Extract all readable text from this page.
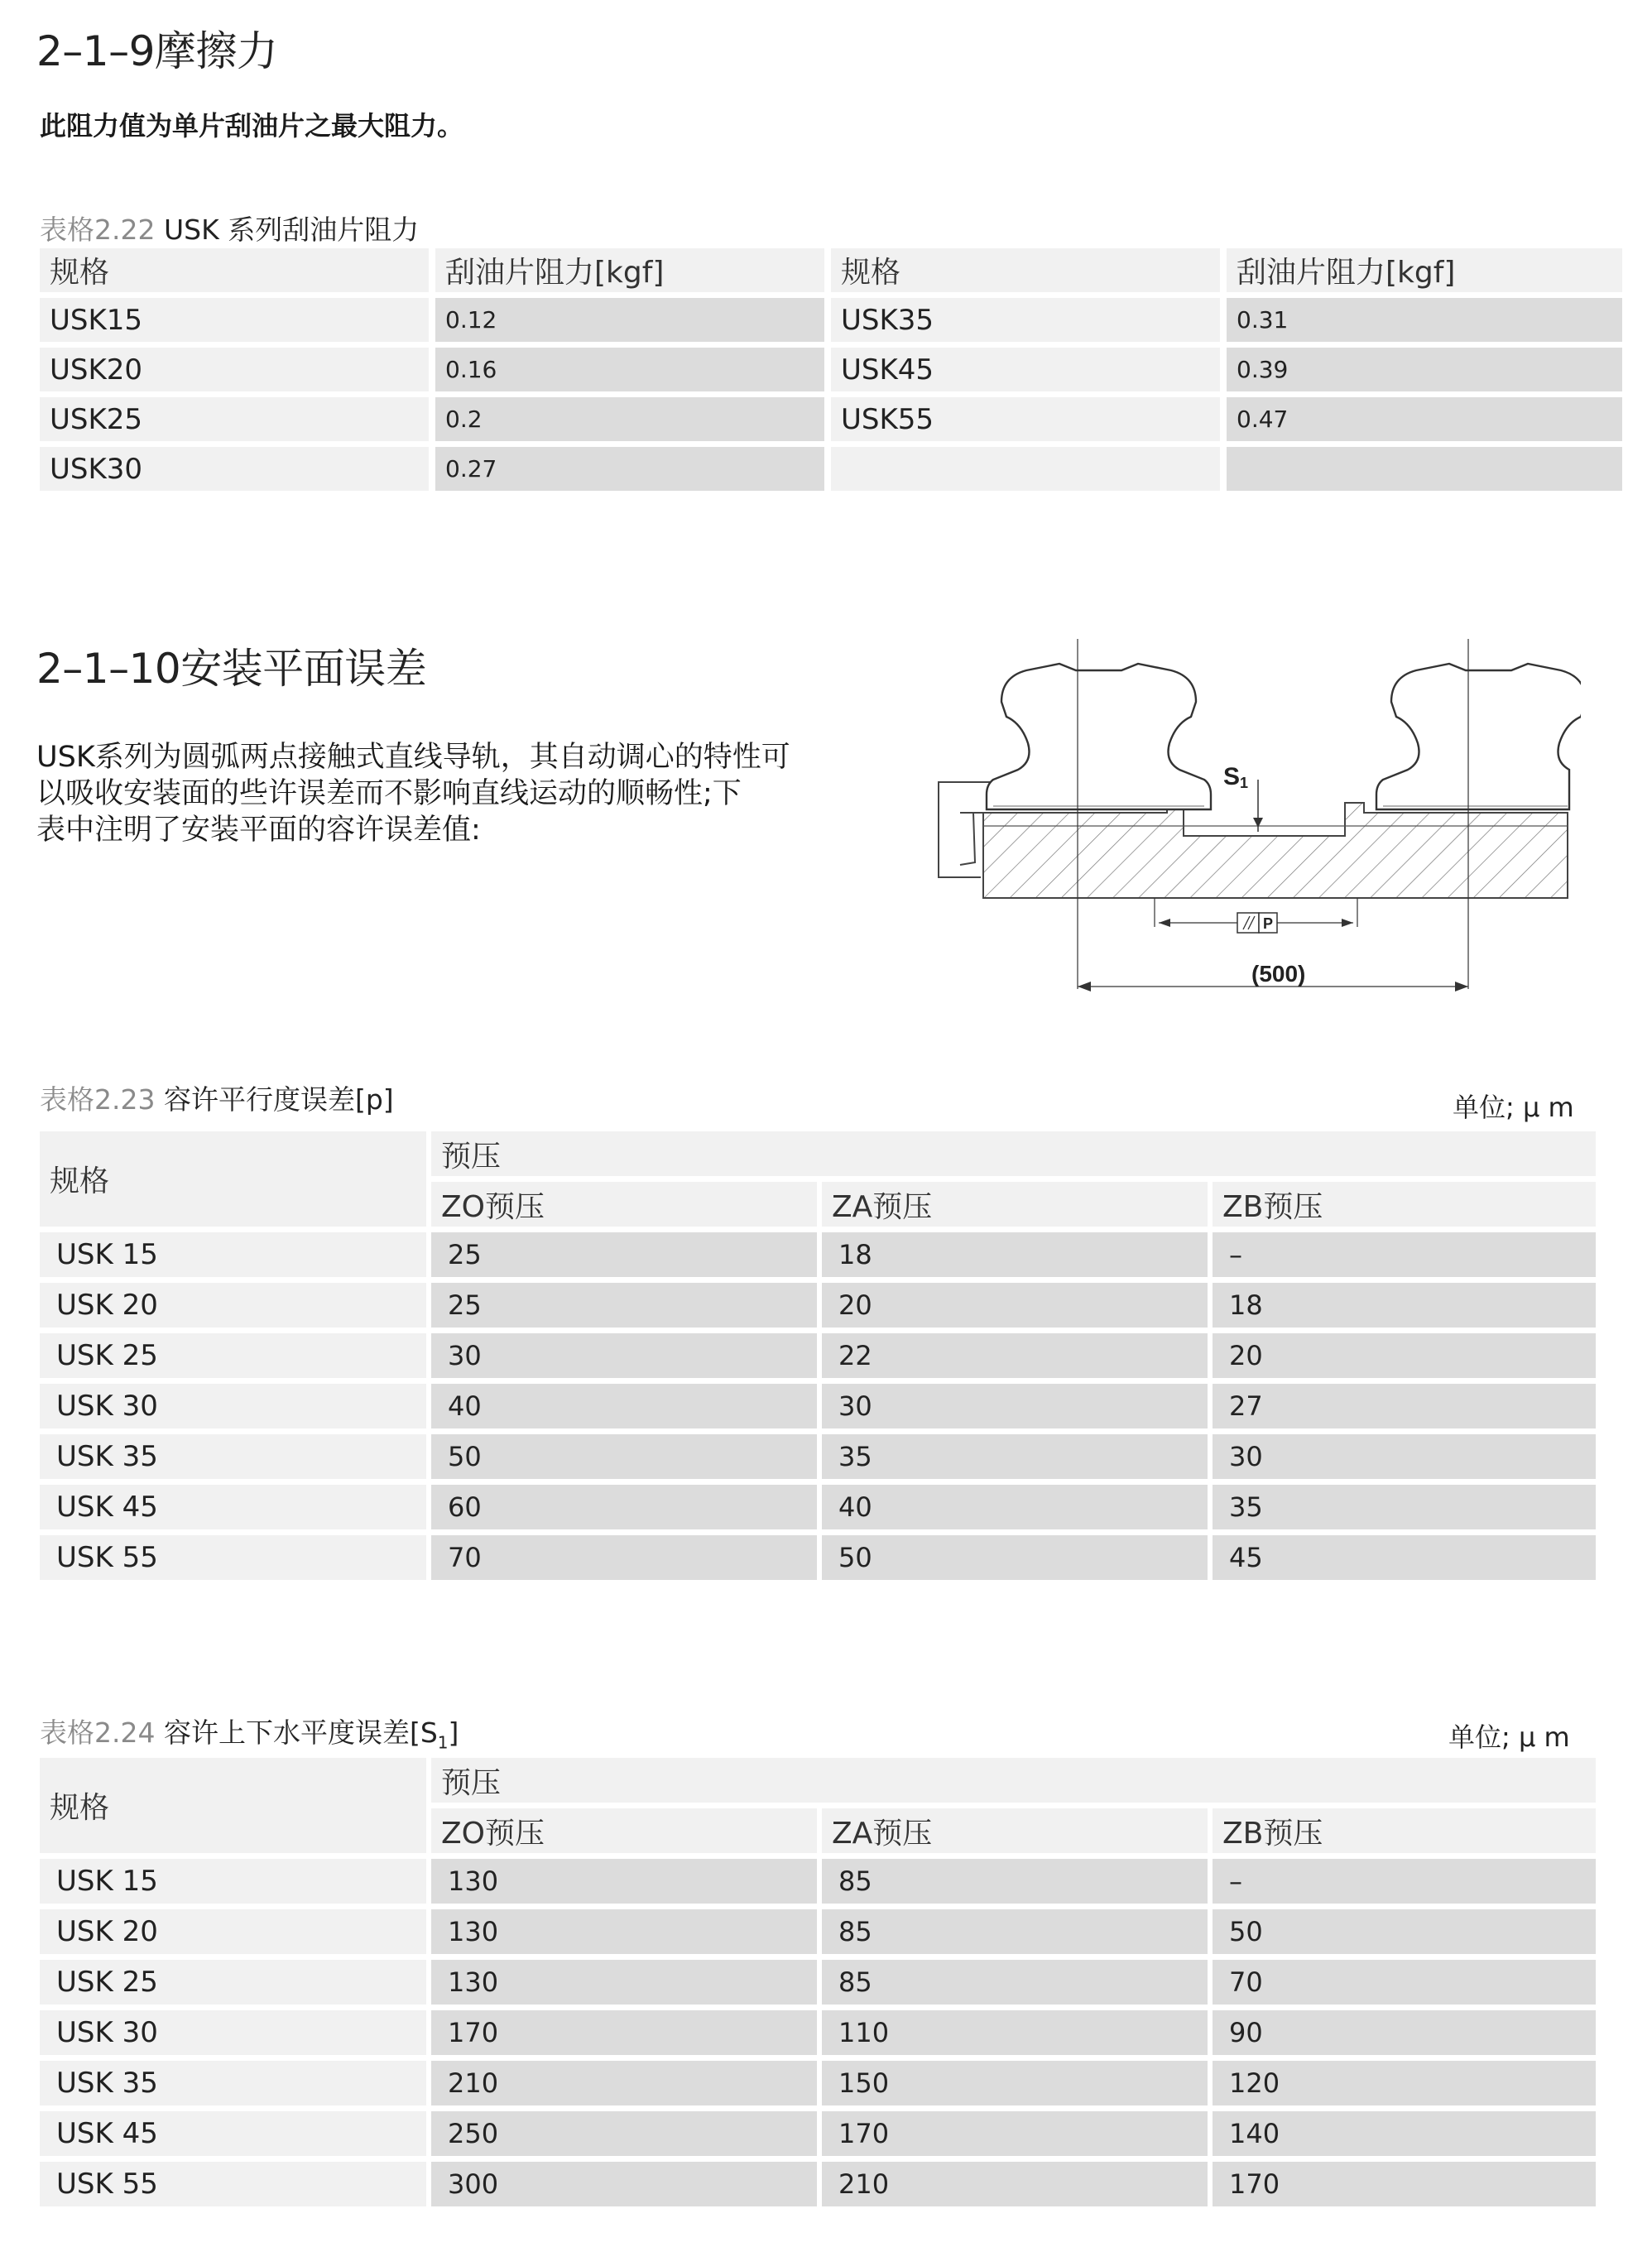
2–1–9摩擦力
此阻力值为单片刮油片之最大阻力。
表格2.22 USK 系列刮油片阻力
规格		刮油片阻力[kgf]		规格		刮油片阻力[kgf]
USK15		0.12		USK35		0.31
USK20		0.16		USK45		0.39
USK25		0.2		USK55		0.47
USK30		0.27				
2–1–10安装平面误差
USK系列为圆弧两点接触式直线导轨，其自动调心的特性可
以吸收安装面的些许误差而不影响直线运动的顺畅性;下
表中注明了安装平面的容许误差值:
S1
P
(500)
表格2.23 容许平行度误差[p]	单位; μ m
规格		预压				
		ZO预压		ZA预压		ZB预压
USK 15		25		18		–
USK 20		25		20		18
USK 25		30		22		20
USK 30		40		30		27
USK 35		50		35		30
USK 45		60		40		35
USK 55		70		50		45
表格2.24 容许上下水平度误差$[S_1]$	单位; μ m
规格		预压				
		ZO预压		ZA预压		ZB预压
USK 15		130		85		–
USK 20		130		85		50
USK 25		130		85		70
USK 30		170		110		90
USK 35		210		150		120
USK 45		250		170		140
USK 55		300		210		170
